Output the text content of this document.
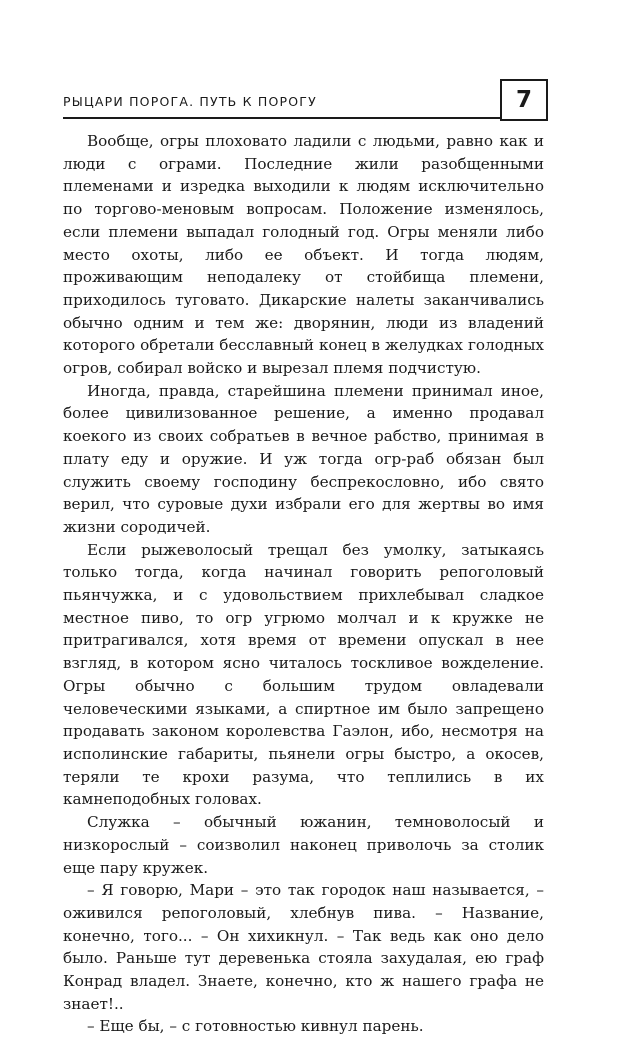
РЫЦАРИ ПОРОГА. ПУТЬ К ПОРОГУ	7

Вообще, огры плоховато ладили с людьми, равно как и люди с ограми. Последние жили разобщенными племенами и изредка выходили к людям исключительно по торгово-меновым вопросам. Положение изменялось, если племени выпадал голодный год. Огры меняли либо место охоты, либо ее объект. И тогда людям, проживающим неподалеку от стойбища племени, приходилось туговато. Дикарские налеты заканчивались обычно одним и тем же: дворянин, люди из владений которого обретали бесславный конец в желудках голодных огров, собирал войско и вырезал племя подчистую.

Иногда, правда, старейшина племени принимал иное, более цивилизованное решение, а именно продавал коекого из своих собратьев в вечное рабство, принимая в плату еду и оружие. И уж тогда огр-раб обязан был служить своему господину беспрекословно, ибо свято верил, что суровые духи избрали его для жертвы во имя жизни сородичей.

Если рыжеволосый трещал без умолку, затыкаясь только тогда, когда начинал говорить репоголовый пьянчужка, и с удовольствием прихлебывал сладкое местное пиво, то огр угрюмо молчал и к кружке не притрагивался, хотя время от времени опускал в нее взгляд, в котором ясно читалось тоскливое вожделение. Огры обычно с большим трудом овладевали человеческими языками, а спиртное им было запрещено продавать законом королевства Гаэлон, ибо, несмотря на исполинские габариты, пьянели огры быстро, а окосев, теряли те крохи разума, что теплились в их камнеподобных головах.

Служка – обычный южанин, темноволосый и низкорослый – соизволил наконец приволочь за столик еще пару кружек.

– Я говорю, Мари – это так городок наш называется, – оживился репоголовый, хлебнув пива. – Название, конечно, того... – Он хихикнул. – Так ведь как оно дело было. Раньше тут деревенька стояла захудалая, ею граф Конрад владел. Знаете, конечно, кто ж нашего графа не знает!..

– Еще бы, – с готовностью кивнул парень.
